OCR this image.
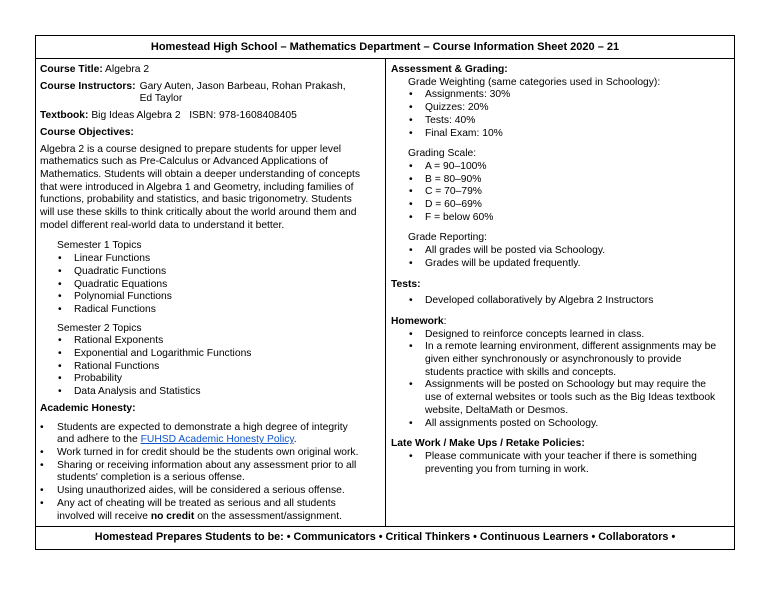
Homestead High School – Mathematics Department – Course Information Sheet 2020 – 21
Course Title: Algebra 2
Course Instructors: Gary Auten, Jason Barbeau, Rohan Prakash,
Ed Taylor
Textbook: Big Ideas Algebra 2   ISBN: 978-1608408405
Course Objectives:
Algebra 2 is a course designed to prepare students for upper level
mathematics such as Pre-Calculus or Advanced Applications of
Mathematics. Students will obtain a deeper understanding of concepts
that were introduced in Algebra 1 and Geometry, including families of
functions, probability and statistics, and basic trigonometry. Students
will use these skills to think critically about the world around them and
model different real-world data to understand it better.
Semester 1 Topics
• Linear Functions
• Quadratic Functions
• Quadratic Equations
• Polynomial Functions
• Radical Functions
Semester 2 Topics
• Rational Exponents
• Exponential and Logarithmic Functions
• Rational Functions
• Probability
• Data Analysis and Statistics
Academic Honesty:
• Students are expected to demonstrate a high degree of integrity
and adhere to the FUHSD Academic Honesty Policy.
• Work turned in for credit should be the students own original work.
• Sharing or receiving information about any assessment prior to all
students' completion is a serious offense.
• Using unauthorized aides, will be considered a serious offense.
• Any act of cheating will be treated as serious and all students
involved will receive no credit on the assessment/assignment.
Assessment & Grading:
Grade Weighting (same categories used in Schoology):
• Assignments: 30%
• Quizzes: 20%
• Tests: 40%
• Final Exam: 10%
Grading Scale:
• A = 90–100%
• B = 80–90%
• C = 70–79%
• D = 60–69%
• F = below 60%
Grade Reporting:
• All grades will be posted via Schoology.
• Grades will be updated frequently.
Tests:
• Developed collaboratively by Algebra 2 Instructors
Homework:
• Designed to reinforce concepts learned in class.
• In a remote learning environment, different assignments may be
given either synchronously or asynchronously to provide
students practice with skills and concepts.
• Assignments will be posted on Schoology but may require the
use of external websites or tools such as the Big Ideas textbook
website, DeltaMath or Desmos.
• All assignments posted on Schoology.
Late Work / Make Ups / Retake Policies:
• Please communicate with your teacher if there is something
preventing you from turning in work.
Homestead Prepares Students to be: • Communicators • Critical Thinkers • Continuous Learners • Collaborators •
